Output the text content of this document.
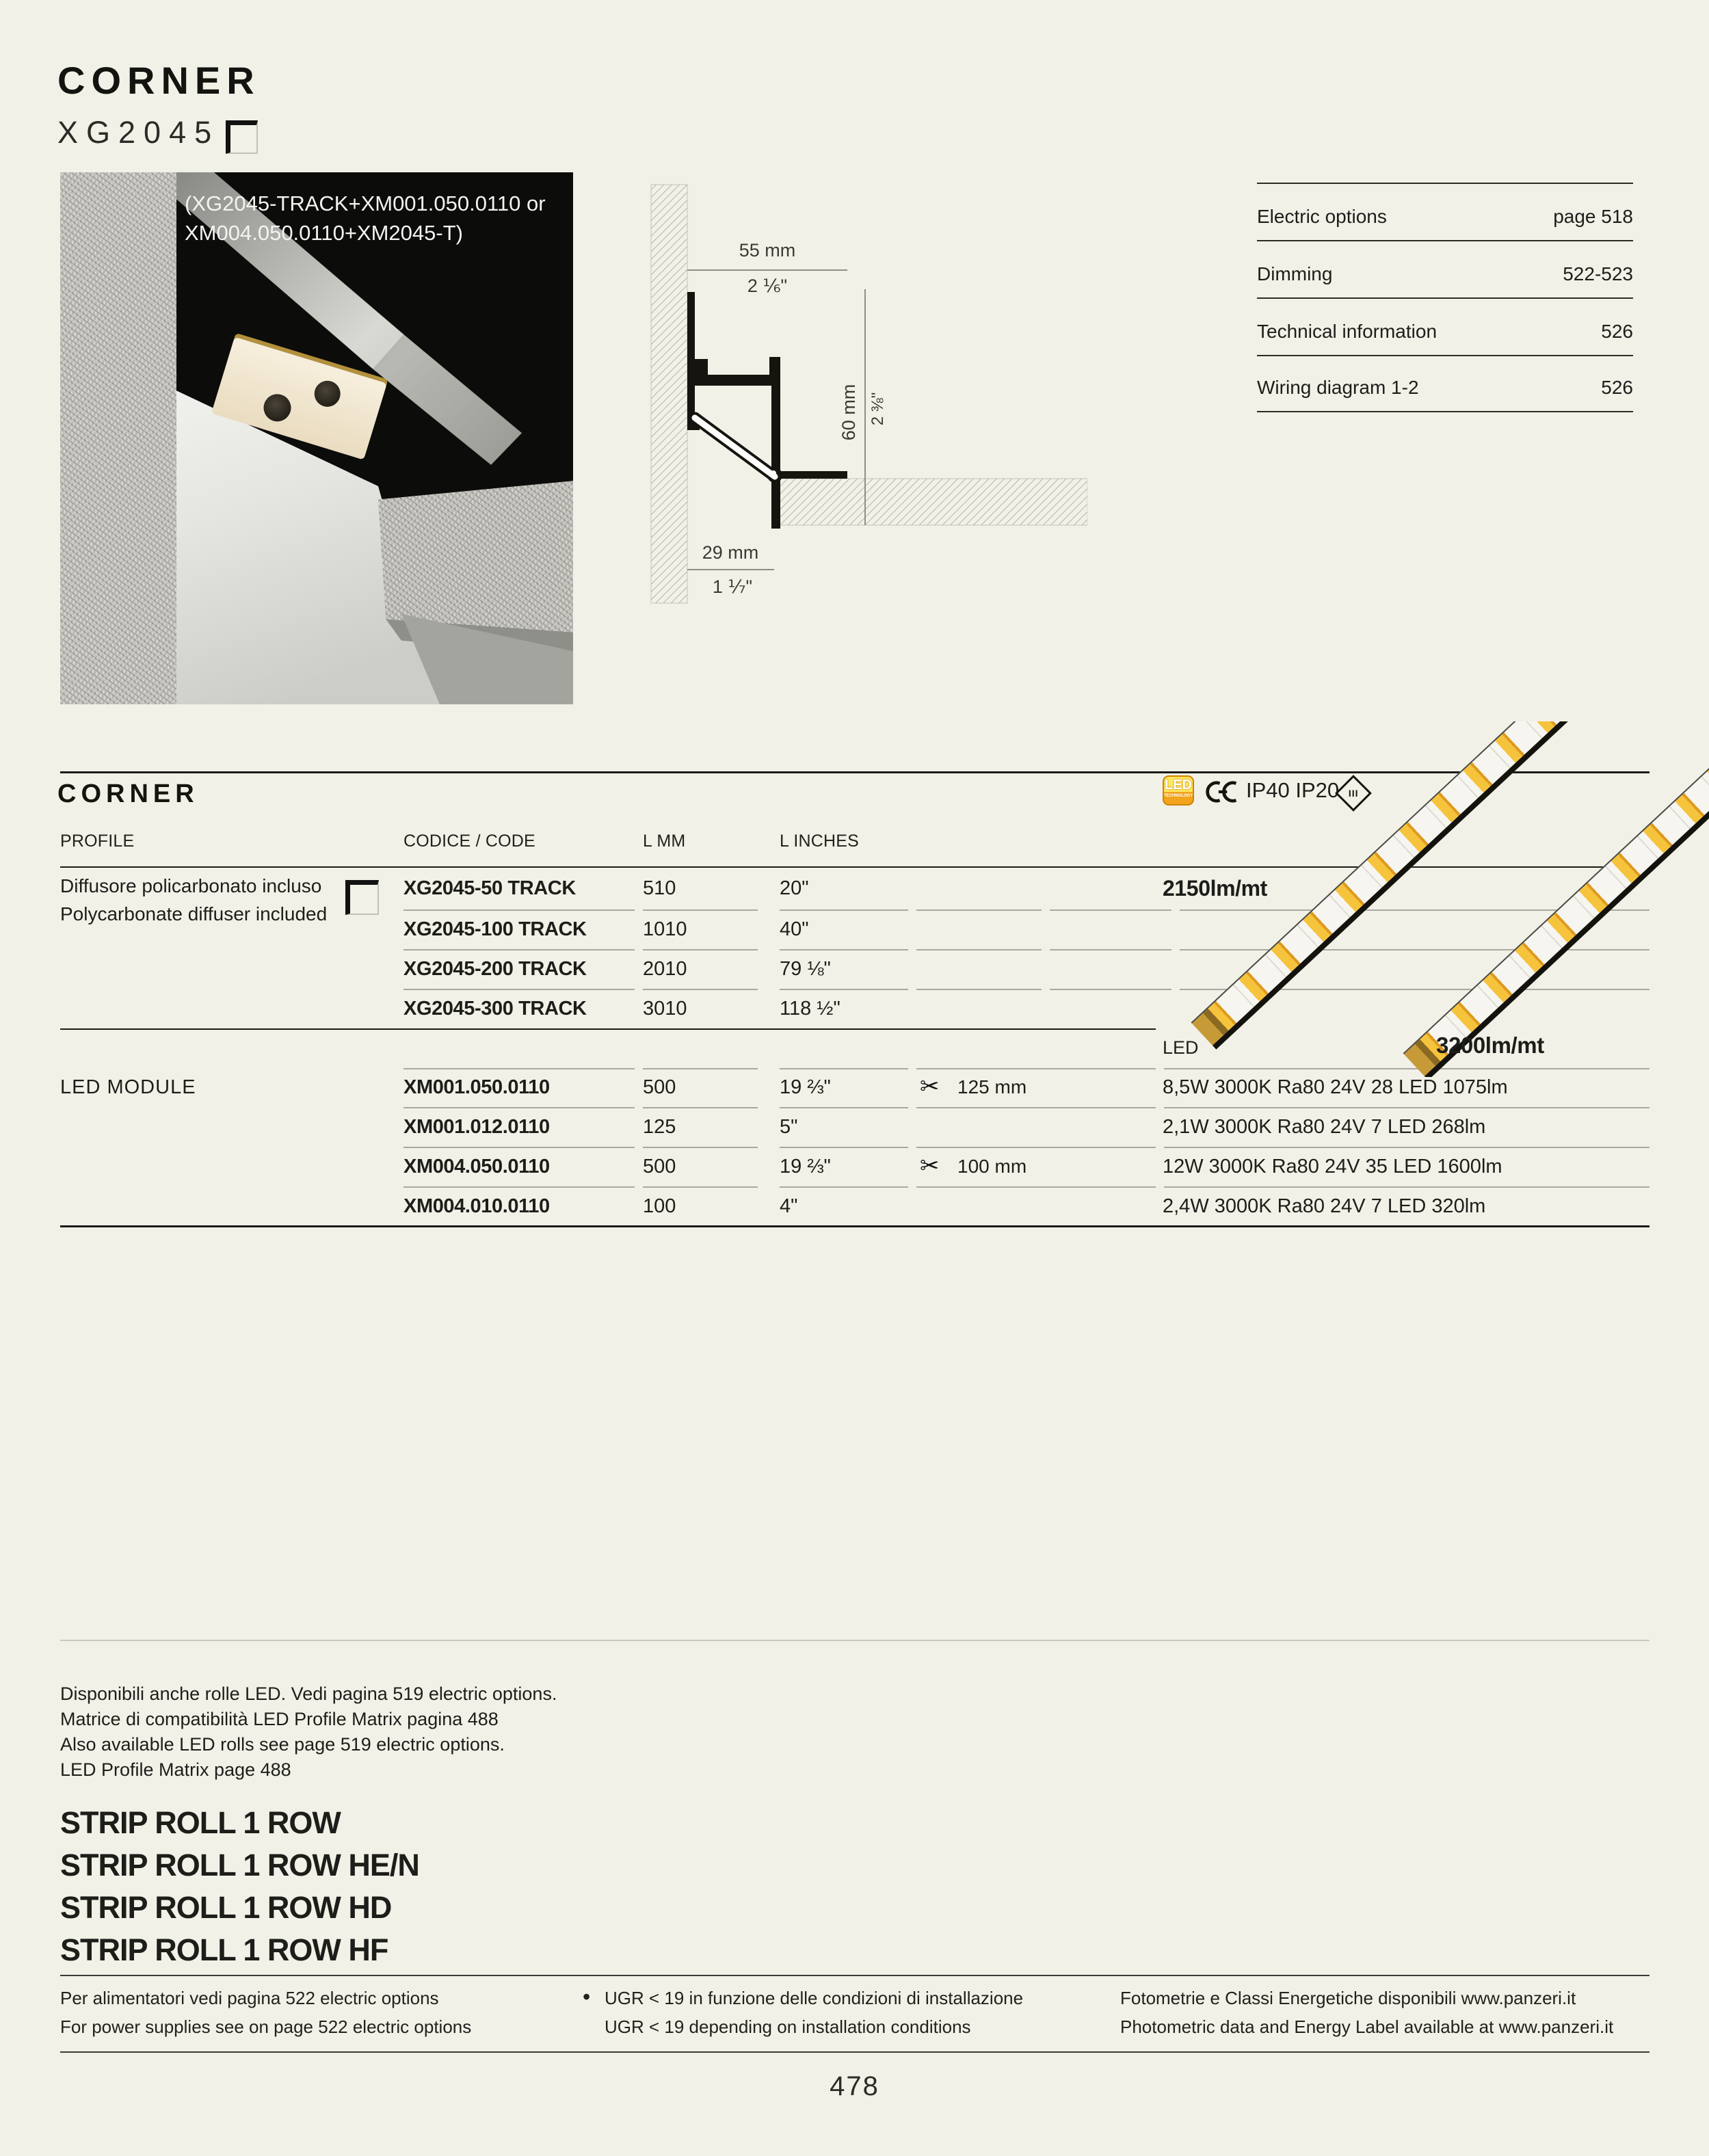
CORNER
XG2045
(XG2045-TRACK+XM001.050.0110 or
XM004.050.0110+XM2045-T)
55 mm
2 ⅙"
60 mm 2 ⅜"
29 mm
1 ⅐"
Electric options	page 518
Dimming	522-523
Technical information	526
Wiring diagram 1-2	526
CORNER	LED
TECHNOLOGY	IP40 IP20 III
PROFILE	CODICE / CODE	L MM	L INCHES
Diffusore policarbonato incluso
Polycarbonate diffuser included
XG2045-50 TRACK	510	20"	2150lm/mt
XG2045-100 TRACK	1010	40"
XG2045-200 TRACK	2010	79 ⅛"
XG2045-300 TRACK	3010	118 ½"
LED	3200lm/mt
LED MODULE	XM001.050.0110	500	19 ⅔"	✂ 125 mm	8,5W 3000K Ra80 24V 28 LED 1075lm
XM001.012.0110	125	5"	2,1W 3000K Ra80 24V 7 LED 268lm
XM004.050.0110	500	19 ⅔"	✂ 100 mm	12W 3000K Ra80 24V 35 LED 1600lm
XM004.010.0110	100	4"	2,4W 3000K Ra80 24V 7 LED 320lm
Disponibili anche rolle LED. Vedi pagina 519 electric options.
Matrice di compatibilità LED Profile Matrix pagina 488
Also available LED rolls see page 519 electric options.
LED Profile Matrix page 488
STRIP ROLL 1 ROW
STRIP ROLL 1 ROW HE/N
STRIP ROLL 1 ROW HD
STRIP ROLL 1 ROW HF
Per alimentatori vedi pagina 522 electric options
For power supplies see on page 522 electric options
• UGR < 19 in funzione delle condizioni di installazione
UGR < 19 depending on installation conditions
Fotometrie e Classi Energetiche disponibili www.panzeri.it
Photometric data and Energy Label available at www.panzeri.it
478
